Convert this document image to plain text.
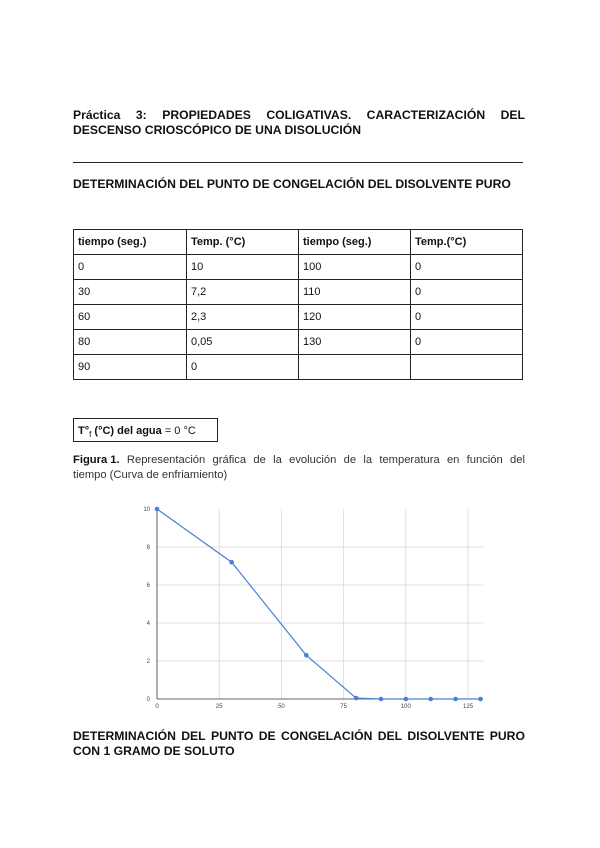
Práctica 3: PROPIEDADES COLIGATIVAS. CARACTERIZACIÓN DEL
DESCENSO CRIOSCÓPICO DE UNA DISOLUCIÓN
DETERMINACIÓN DEL PUNTO DE CONGELACIÓN DEL DISOLVENTE PURO
tiempo (seg.)	Temp. (°C)	tiempo (seg.)	Temp.(°C)
0	10	100	0
30	7,2	110	0
60	2,3	120	0
80	0,05	130	0
90	0		
$T^\circ_f$ (°C) del agua = 0 °C
Figura 1. Representación gráfica de la evolución de la temperatura en función del
tiempo (Curva de enfriamiento)
0	25	50	75	100	125
0
2
4
6
8
10
DETERMINACIÓN DEL PUNTO DE CONGELACIÓN DEL DISOLVENTE PURO
CON 1 GRAMO DE SOLUTO
